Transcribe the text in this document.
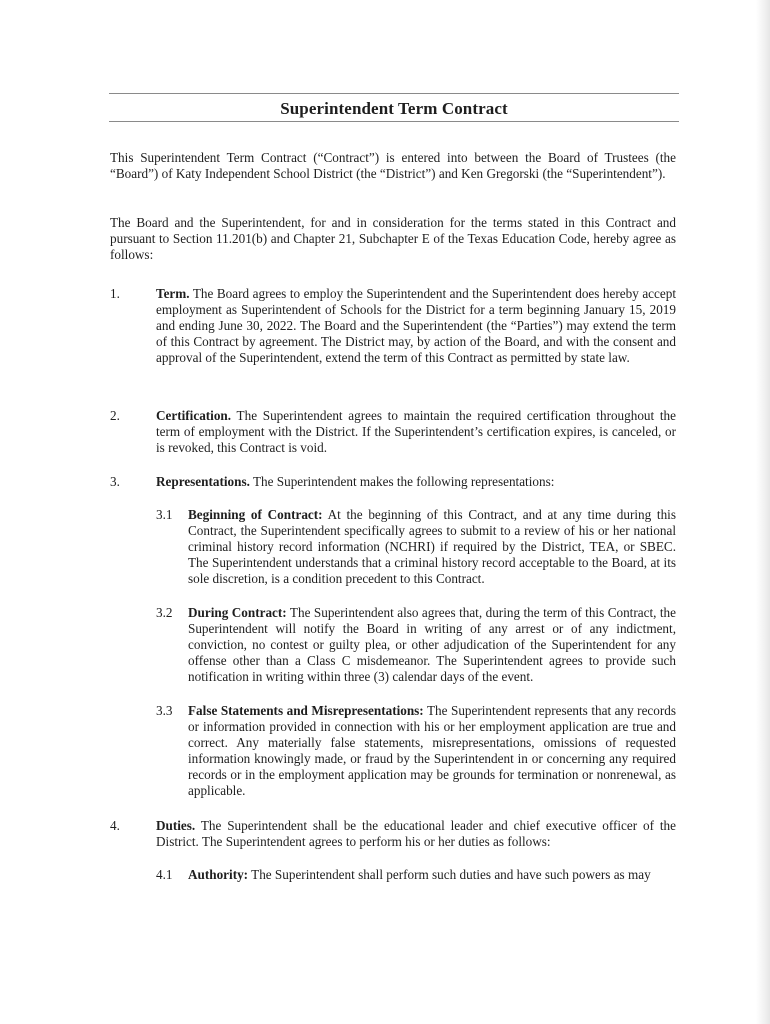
Superintendent Term Contract
This Superintendent Term Contract (“Contract”) is entered into between the Board of Trustees (the “Board”) of Katy Independent School District (the “District”) and Ken Gregorski (the “Superintendent”).
The Board and the Superintendent, for and in consideration for the terms stated in this Contract and pursuant to Section 11.201(b) and Chapter 21, Subchapter E of the Texas Education Code, hereby agree as follows:
1.	Term. The Board agrees to employ the Superintendent and the Superintendent does hereby accept employment as Superintendent of Schools for the District for a term beginning January 15, 2019 and ending June 30, 2022. The Board and the Superintendent (the “Parties”) may extend the term of this Contract by agreement. The District may, by action of the Board, and with the consent and approval of the Superintendent, extend the term of this Contract as permitted by state law.
2.	Certification. The Superintendent agrees to maintain the required certification throughout the term of employment with the District. If the Superintendent’s certification expires, is canceled, or is revoked, this Contract is void.
3.	Representations. The Superintendent makes the following representations:
3.1 Beginning of Contract: At the beginning of this Contract, and at any time during this Contract, the Superintendent specifically agrees to submit to a review of his or her national criminal history record information (NCHRI) if required by the District, TEA, or SBEC. The Superintendent understands that a criminal history record acceptable to the Board, at its sole discretion, is a condition precedent to this Contract.
3.2 During Contract: The Superintendent also agrees that, during the term of this Contract, the Superintendent will notify the Board in writing of any arrest or of any indictment, conviction, no contest or guilty plea, or other adjudication of the Superintendent for any offense other than a Class C misdemeanor. The Superintendent agrees to provide such notification in writing within three (3) calendar days of the event.
3.3 False Statements and Misrepresentations: The Superintendent represents that any records or information provided in connection with his or her employment application are true and correct. Any materially false statements, misrepresentations, omissions of requested information knowingly made, or fraud by the Superintendent in or concerning any required records or in the employment application may be grounds for termination or nonrenewal, as applicable.
4.	Duties. The Superintendent shall be the educational leader and chief executive officer of the District. The Superintendent agrees to perform his or her duties as follows:
4.1 Authority: The Superintendent shall perform such duties and have such powers as may
